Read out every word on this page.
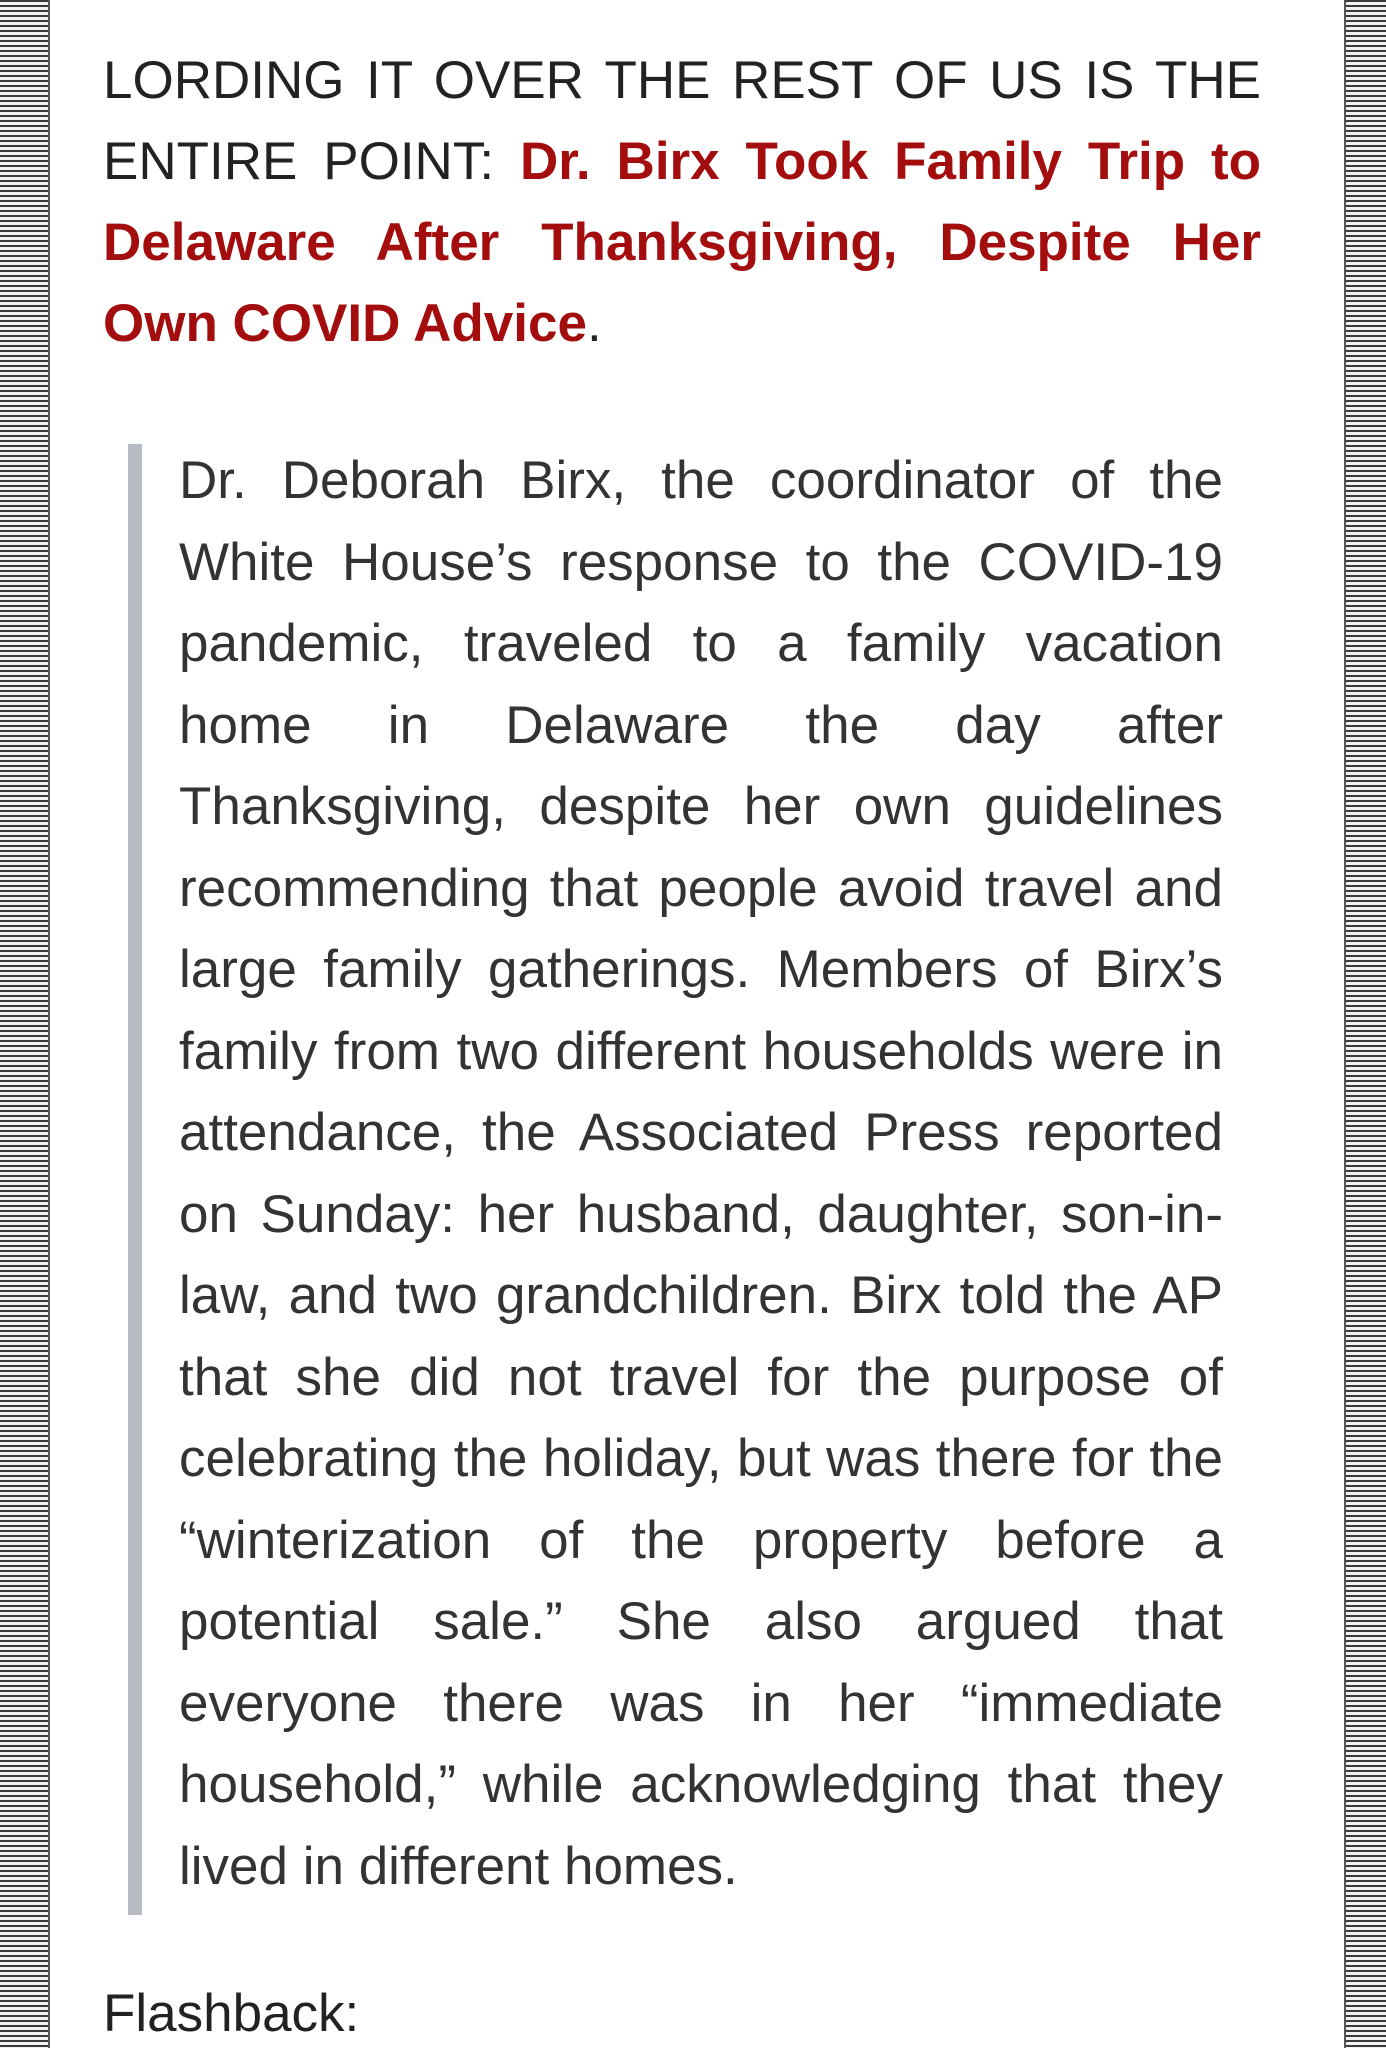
LORDING IT OVER THE REST OF US IS THE ENTIRE POINT: Dr. Birx Took Family Trip to Delaware After Thanksgiving, Despite Her Own COVID Advice.

Dr. Deborah Birx, the coordinator of the White House’s response to the COVID-19 pandemic, traveled to a family vacation home in Delaware the day after Thanksgiving, despite her own guidelines recommending that people avoid travel and large family gatherings. Members of Birx’s family from two different households were in attendance, the Associated Press reported on Sunday: her husband, daughter, son-in-law, and two grandchildren. Birx told the AP that she did not travel for the purpose of celebrating the holiday, but was there for the “winterization of the property before a potential sale.” She also argued that everyone there was in her “immediate household,” while acknowledging that they lived in different homes.

Flashback:
